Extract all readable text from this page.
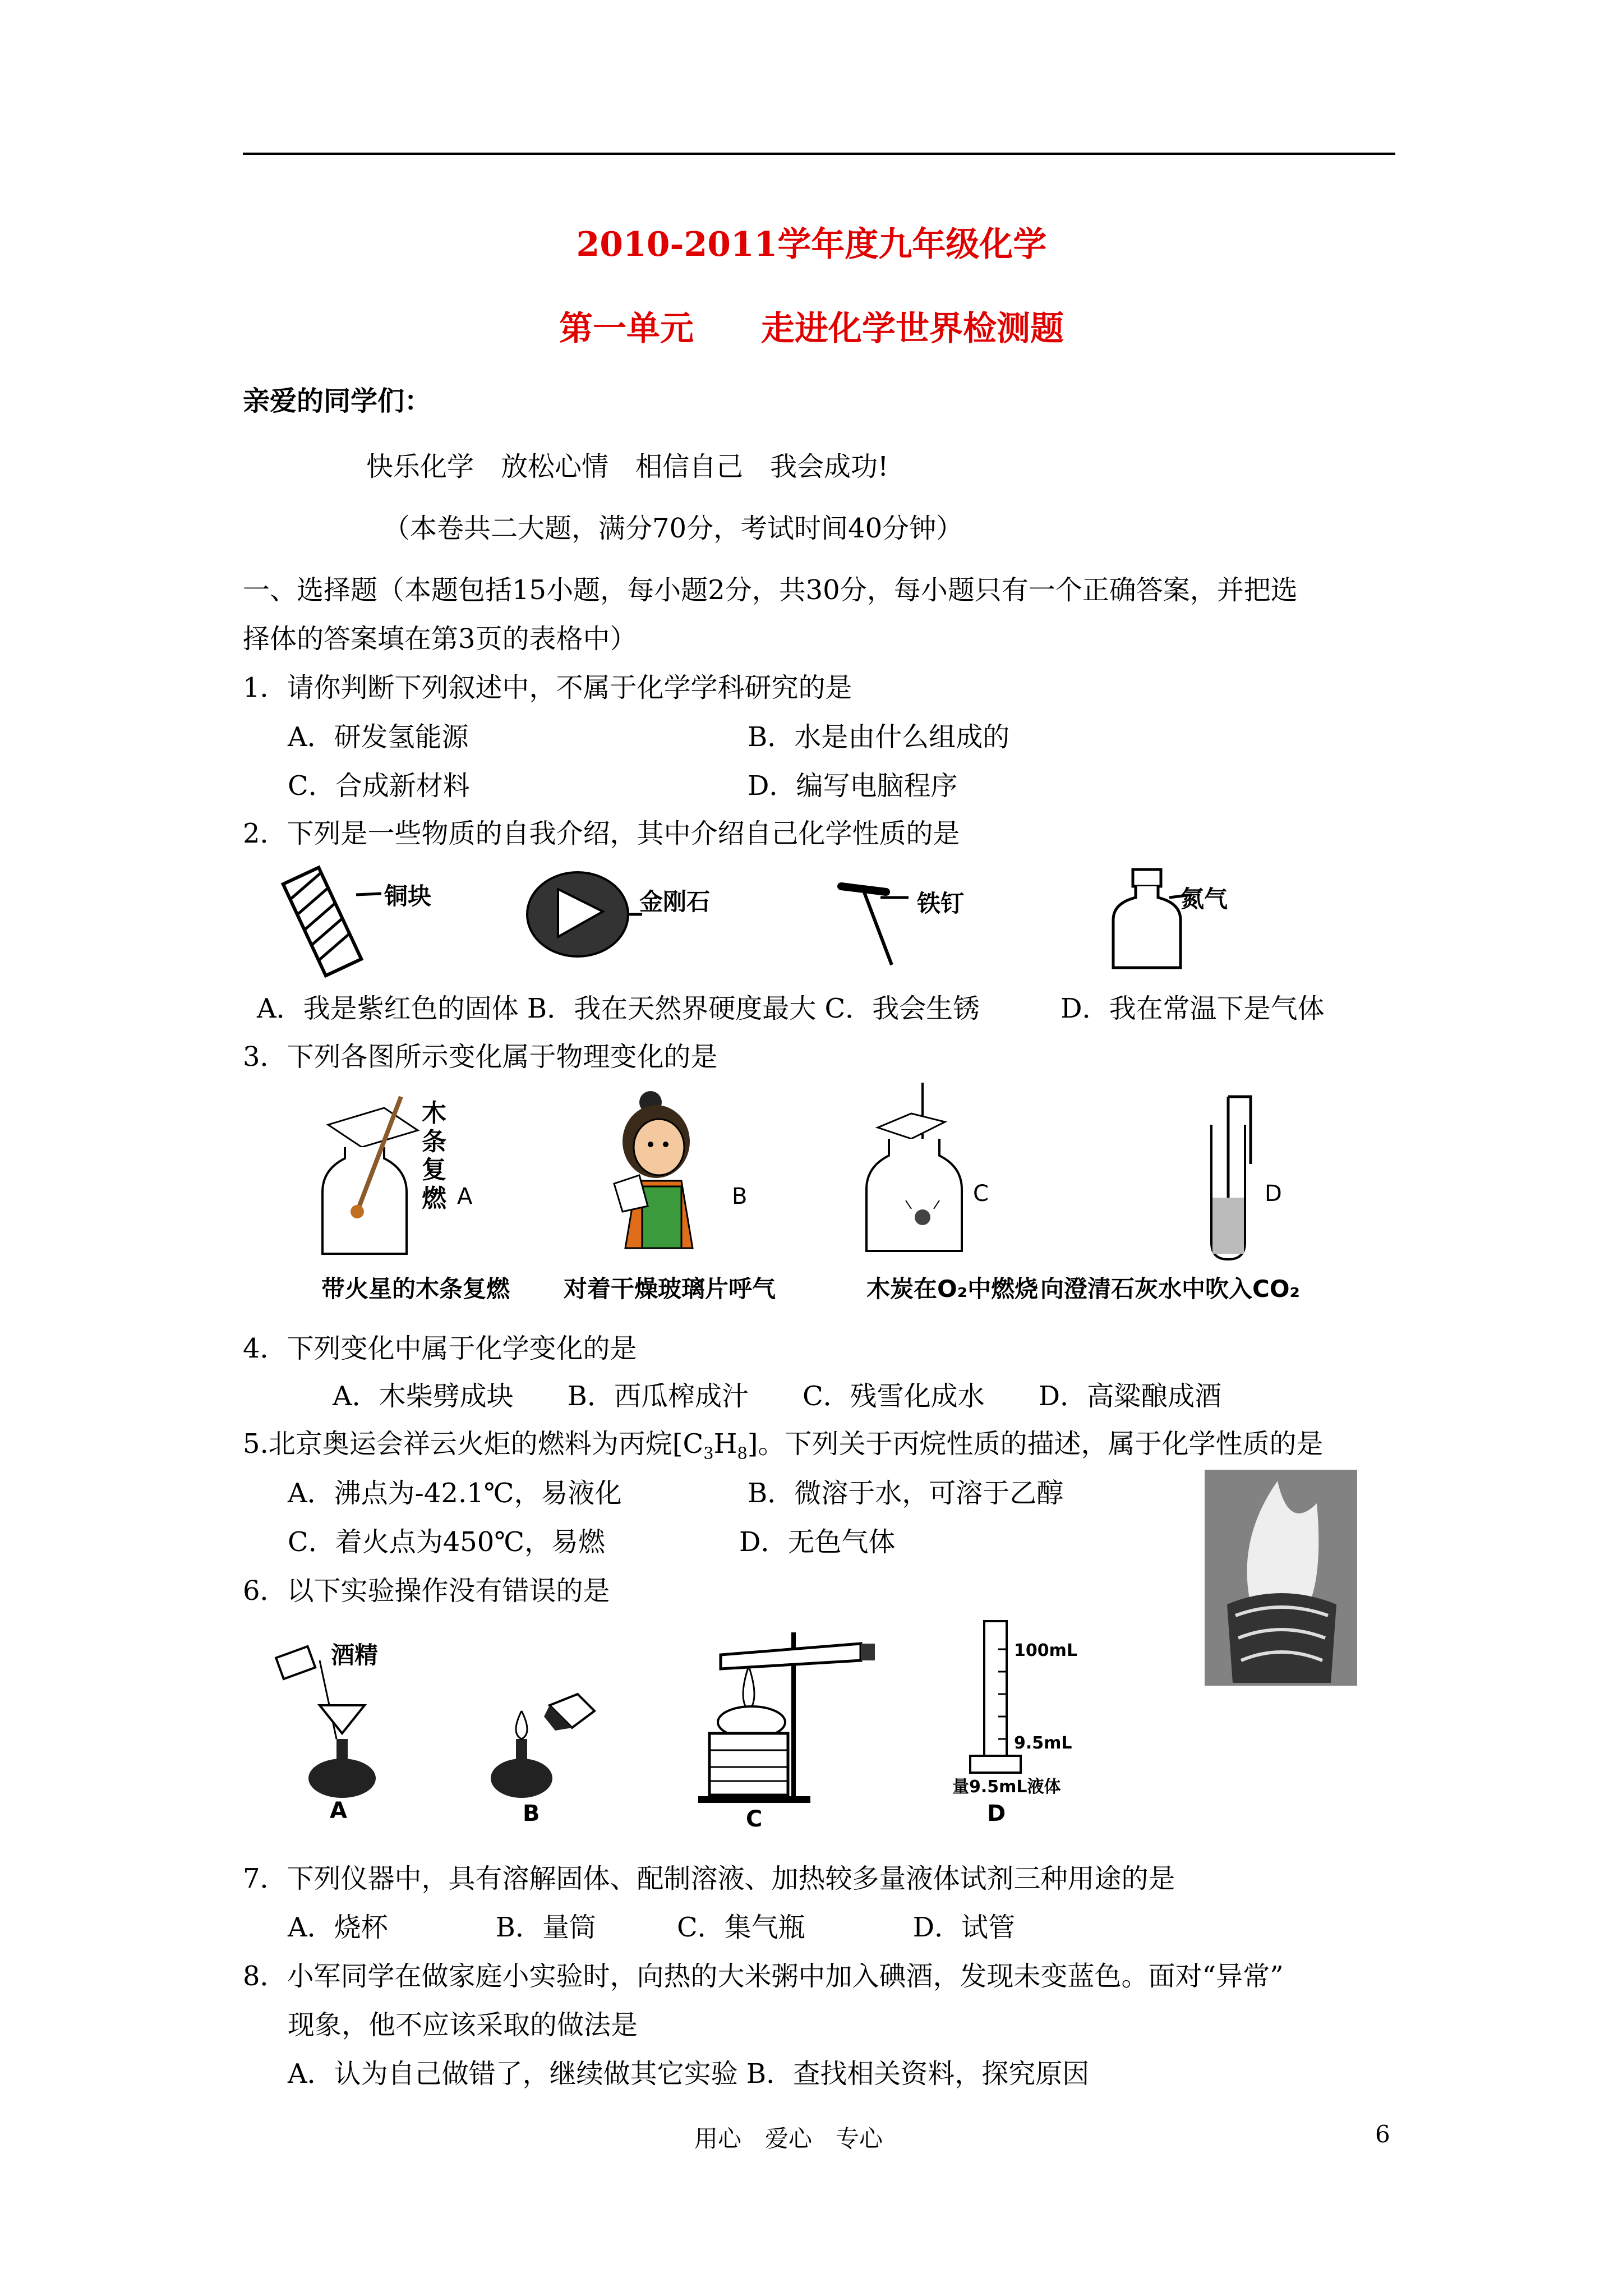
2010-2011学年度九年级化学
第一单元　　走进化学世界检测题
亲爱的同学们：
快乐化学　放松心情　相信自己　我会成功!
（本卷共二大题，满分70分，考试时间40分钟）
一、选择题（本题包括15小题，每小题2分，共30分，每小题只有一个正确答案，并把选
择体的答案填在第3页的表格中）
1．请你判断下列叙述中，不属于化学学科研究的是
A．研发氢能源	B．水是由什么组成的
C．合成新材料	D．编写电脑程序
2．下列是一些物质的自我介绍，其中介绍自己化学性质的是
铜块	金刚石	铁钉	氮气
A．我是紫红色的固体 B．我在天然界硬度最大 C．我会生锈　　　D．我在常温下是气体
3．下列各图所示变化属于物理变化的是
木条复燃 A	B	C	D
带火星的木条复燃 对着干燥玻璃片呼气	木炭在O₂中燃烧 向澄清石灰水中吹入CO₂
4．下列变化中属于化学变化的是
A．木柴劈成块　　B．西瓜榨成汁　　C．残雪化成水　　D．高粱酿成酒
5.北京奥运会祥云火炬的燃料为丙烷$[C_3H_8]$。下列关于丙烷性质的描述，属于化学性质的是
A．沸点为-42.1℃，易液化	B．微溶于水，可溶于乙醇
C．着火点为450℃，易燃	D．无色气体
6．以下实验操作没有错误的是
酒精
A	B	C
100mL
9.5mL
量9.5mL液体
D
7．下列仪器中，具有溶解固体、配制溶液、加热较多量液体试剂三种用途的是
A．烧杯　　　　B．量筒　　　C．集气瓶　　　　D．试管
8．小军同学在做家庭小实验时，向热的大米粥中加入碘酒，发现未变蓝色。面对“异常”
现象，他不应该采取的做法是
A．认为自己做错了，继续做其它实验 B．查找相关资料，探究原因
用心　爱心　专心	6
